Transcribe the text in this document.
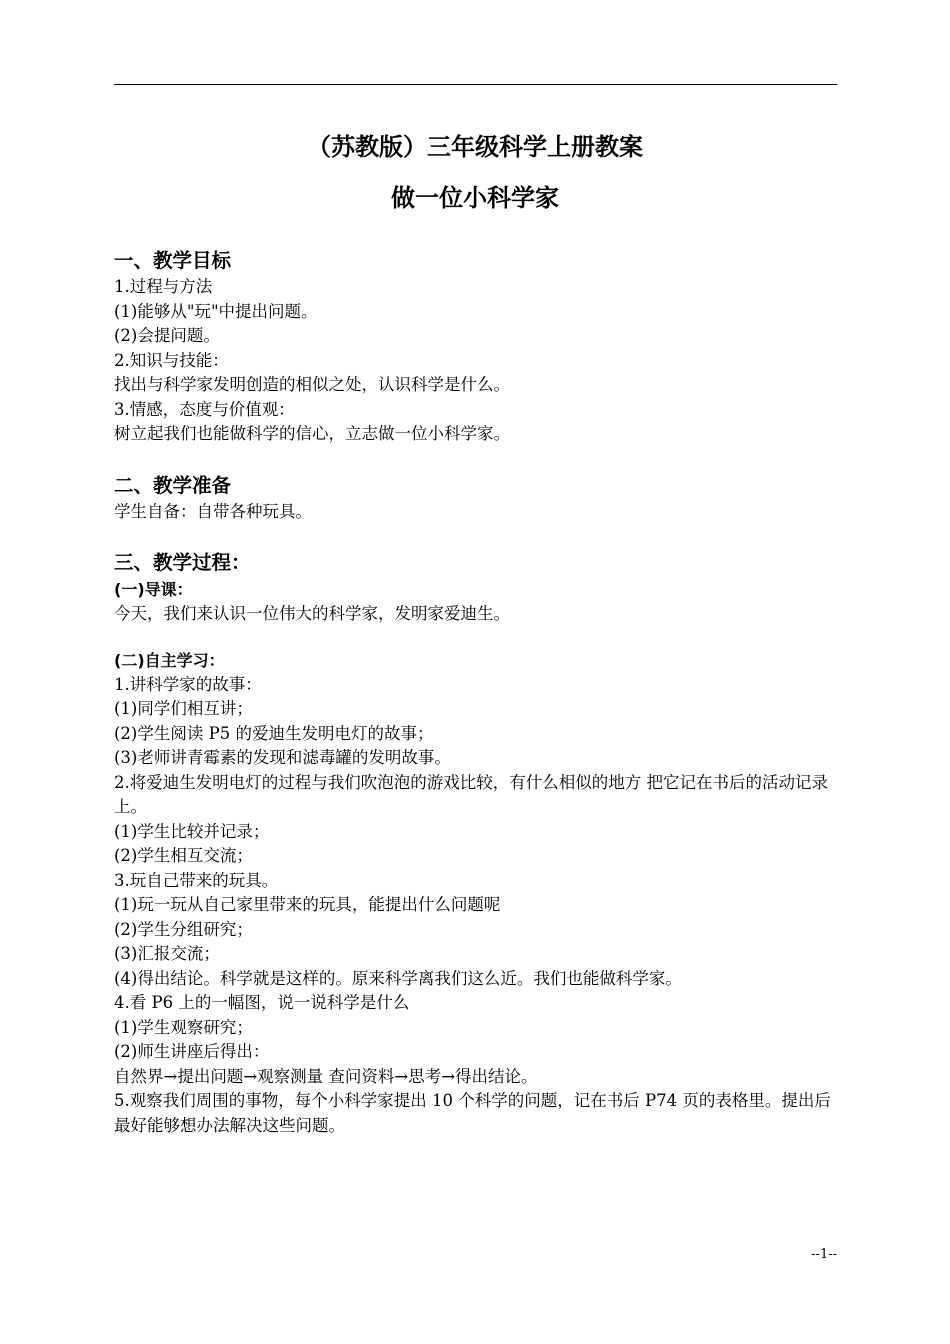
（苏教版）三年级科学上册教案
做一位小科学家
一、教学目标
1.过程与方法
(1)能够从"玩"中提出问题。
(2)会提问题。
2.知识与技能：
找出与科学家发明创造的相似之处，认识科学是什么。
3.情感，态度与价值观：
树立起我们也能做科学的信心，立志做一位小科学家。
二、教学准备
学生自备：自带各种玩具。
三、教学过程：
(一)导课：
今天，我们来认识一位伟大的科学家，发明家爱迪生。
(二)自主学习：
1.讲科学家的故事：
(1)同学们相互讲；
(2)学生阅读 P5 的爱迪生发明电灯的故事；
(3)老师讲青霉素的发现和滤毒罐的发明故事。
2.将爱迪生发明电灯的过程与我们吹泡泡的游戏比较，有什么相似的地方 把它记在书后的活动记录上。
(1)学生比较并记录；
(2)学生相互交流；
3.玩自己带来的玩具。
(1)玩一玩从自己家里带来的玩具，能提出什么问题呢
(2)学生分组研究；
(3)汇报交流；
(4)得出结论。科学就是这样的。原来科学离我们这么近。我们也能做科学家。
4.看 P6 上的一幅图，说一说科学是什么
(1)学生观察研究；
(2)师生讲座后得出：
自然界→提出问题→观察测量 查问资料→思考→得出结论。
5.观察我们周围的事物，每个小科学家提出 10 个科学的问题，记在书后 P74 页的表格里。提出后最好能够想办法解决这些问题。
--1--
